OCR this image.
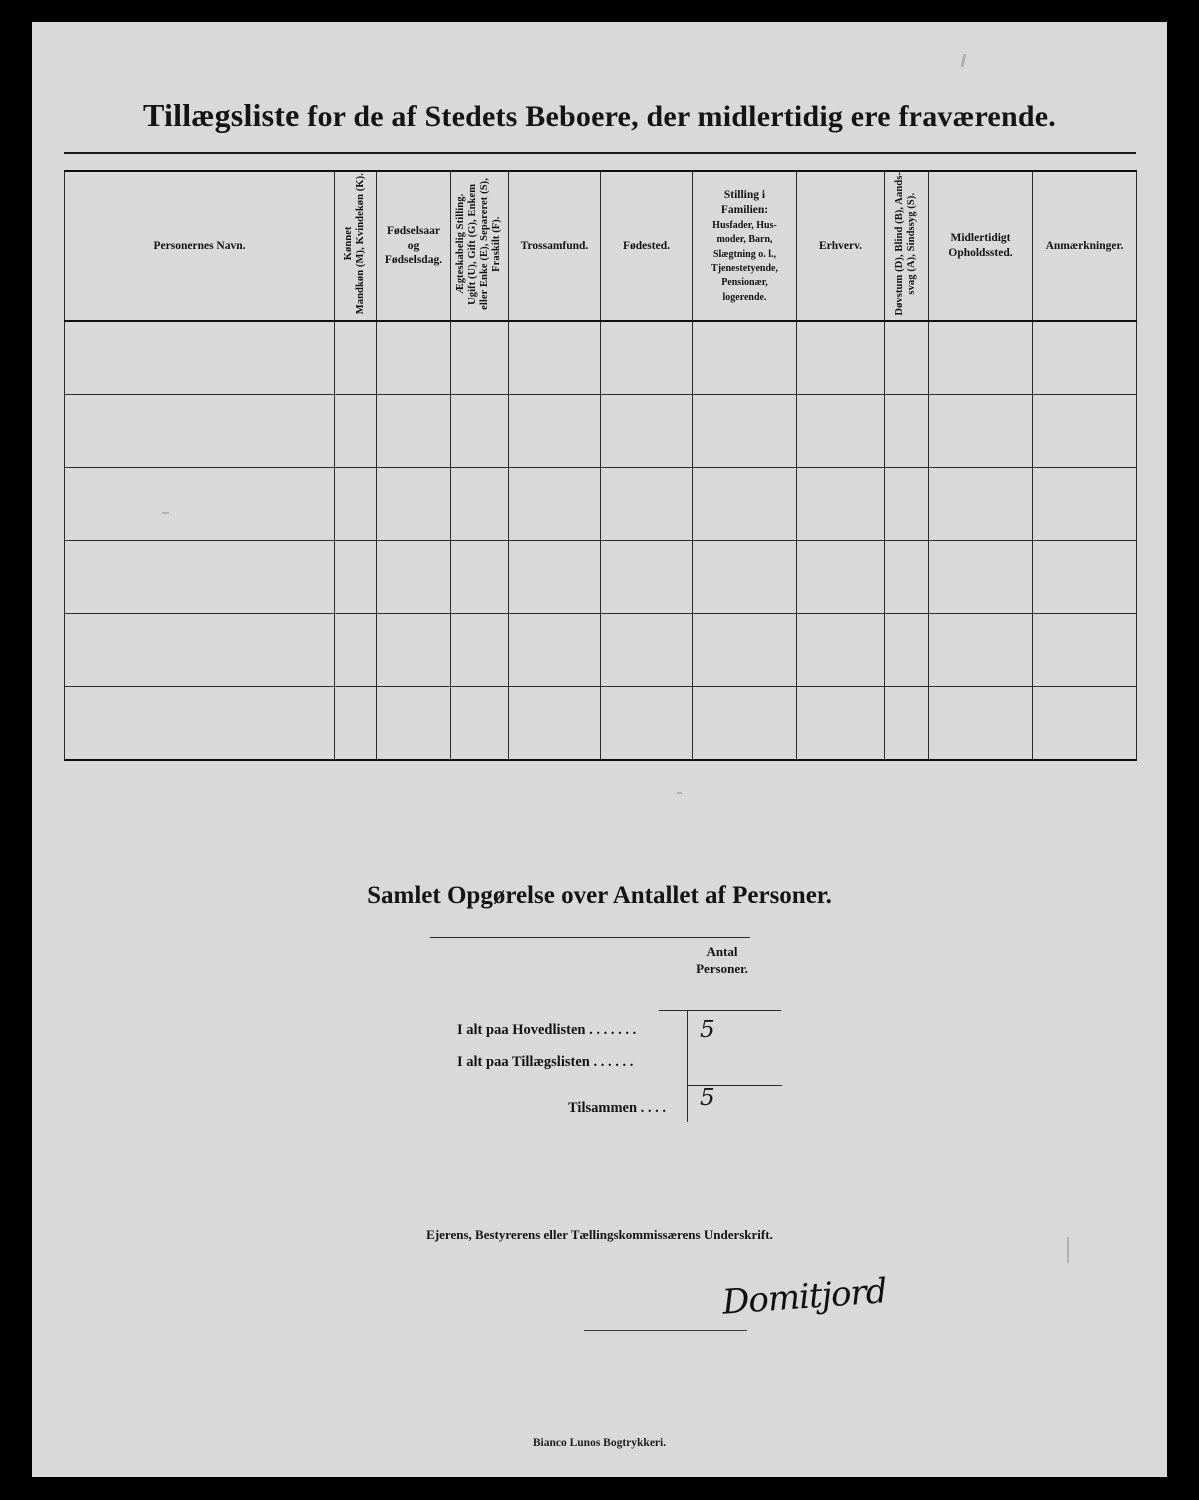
Tillægsliste for de af Stedets Beboere, der midlertidig ere fraværende.
Personernes Navn.	Kønnet
Mandkøn (M), Kvindekøn (K).	Fødselsaar
og
Fødselsdag.	Ægteskabelig Stilling.
Ugift (U), Gift (G), Enkem
eller Enke (E), Separeret (S),
Fraskilt (F).	Trossamfund.	Fødested.	Stilling i
Familien:
Husfader, Hus-
moder, Barn,
Slægtning o. l.,
Tjenestetyende,
Pensionær,
logerende.	Erhverv.	Døvstum (D), Blind (B), Aands-
svag (A), Sindssyg (S).	Midlertidigt
Opholdssted.	Anmærkninger.

Samlet Opgørelse over Antallet af Personer.
Antal
Personer.
I alt paa Hovedlisten . . . . . . .	5
I alt paa Tillægslisten . . . . . .
Tilsammen . . . . 5
Ejerens, Bestyrerens eller Tællingskommissærens Underskrift.
Domitjord
Bianco Lunos Bogtrykkeri.
